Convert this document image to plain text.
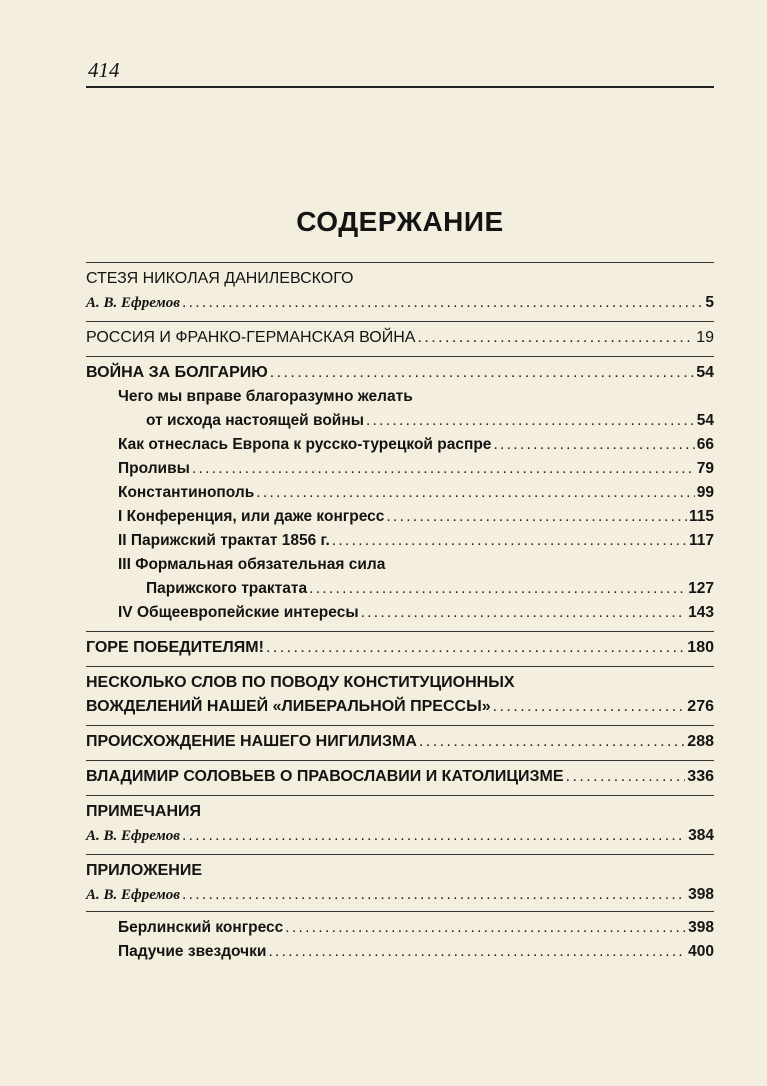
414
СОДЕРЖАНИЕ
СТЕЗЯ НИКОЛАЯ ДАНИЛЕВСКОГО
А. В. Ефремов . . .	5
РОССИЯ И ФРАНКО-ГЕРМАНСКАЯ ВОЙНА . . .	19
ВОЙНА ЗА БОЛГАРИЮ . . .	54
Чего мы вправе благоразумно желать
от исхода настоящей войны . . .	54
Как отнеслась Европа к русско-турецкой распре . . .	66
Проливы . . .	79
Константинополь . . .	99
I Конференция, или даже конгресс . . .	115
II Парижский трактат 1856 г. . . .	117
III Формальная обязательная сила
Парижского трактата . . .	127
IV Общеевропейские интересы . . .	143
ГОРЕ ПОБЕДИТЕЛЯМ! . . .	180
НЕСКОЛЬКО СЛОВ ПО ПОВОДУ КОНСТИТУЦИОННЫХ
ВОЖДЕЛЕНИЙ НАШЕЙ «ЛИБЕРАЛЬНОЙ ПРЕССЫ» . . .	276
ПРОИСХОЖДЕНИЕ НАШЕГО НИГИЛИЗМА . . .	288
ВЛАДИМИР СОЛОВЬЕВ О ПРАВОСЛАВИИ И КАТОЛИЦИЗМЕ . . .	336
ПРИМЕЧАНИЯ
А. В. Ефремов . . .	384
ПРИЛОЖЕНИЕ
А. В. Ефремов . . .	398
Берлинский конгресс . . .	398
Падучие звездочки . . .	400
